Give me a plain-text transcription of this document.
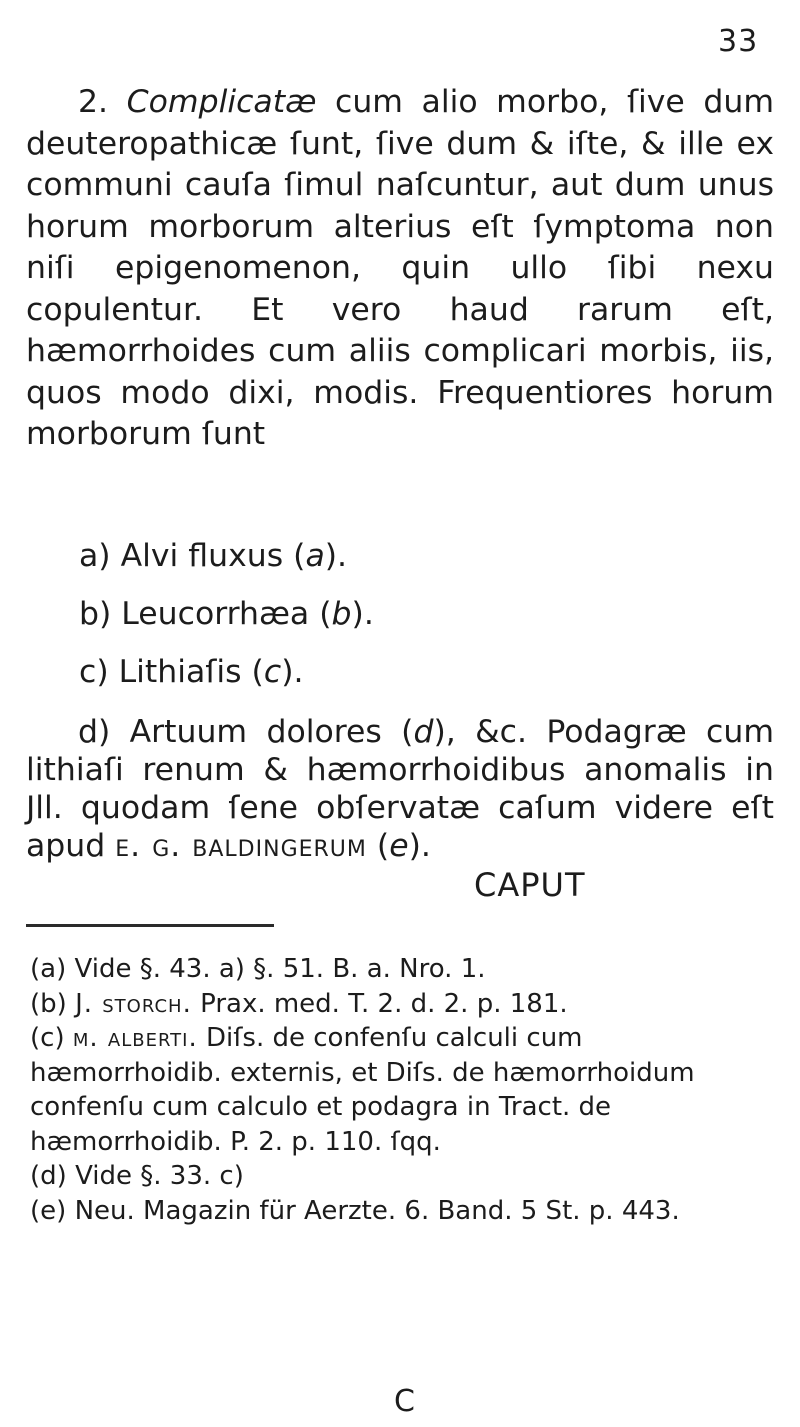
33

2. Complicatæ cum alio morbo, ſive dum deuteropathicæ ſunt, ſive dum & iſte, & ille ex communi cauſa ſimul naſcuntur, aut dum unus horum morborum alterius eſt ſymptoma non niſi epigenomenon, quin ullo ſibi nexu copulentur. Et vero haud rarum eſt, hæmorrhoides cum aliis complicari morbis, iis, quos modo dixi, modis. Frequentiores horum morborum ſunt

a) Alvi fluxus (a).
b) Leucorrhæa (b).
c) Lithiaſis (c).

d) Artuum dolores (d), &c. Podagræ cum lithiaſi renum & hæmorrhoidibus anomalis in Jll. quodam ſene obſervatæ caſum videre eſt apud e. g. baldingerum (e).

CAPUT
(a) Vide §. 43. a) §. 51. B. a. Nro. 1.
(b) J. storch. Prax. med. T. 2. d. 2. p. 181.
(c) m. alberti. Diſs. de confenſu calculi cum hæmorrhoidib. externis, et Diſs. de hæmorrhoidum confenſu cum calculo et podagra in Tract. de hæmorrhoidib. P. 2. p. 110. ſqq.
(d) Vide §. 33. c)
(e) Neu. Magazin für Aerzte. 6. Band. 5 St. p. 443.
C
